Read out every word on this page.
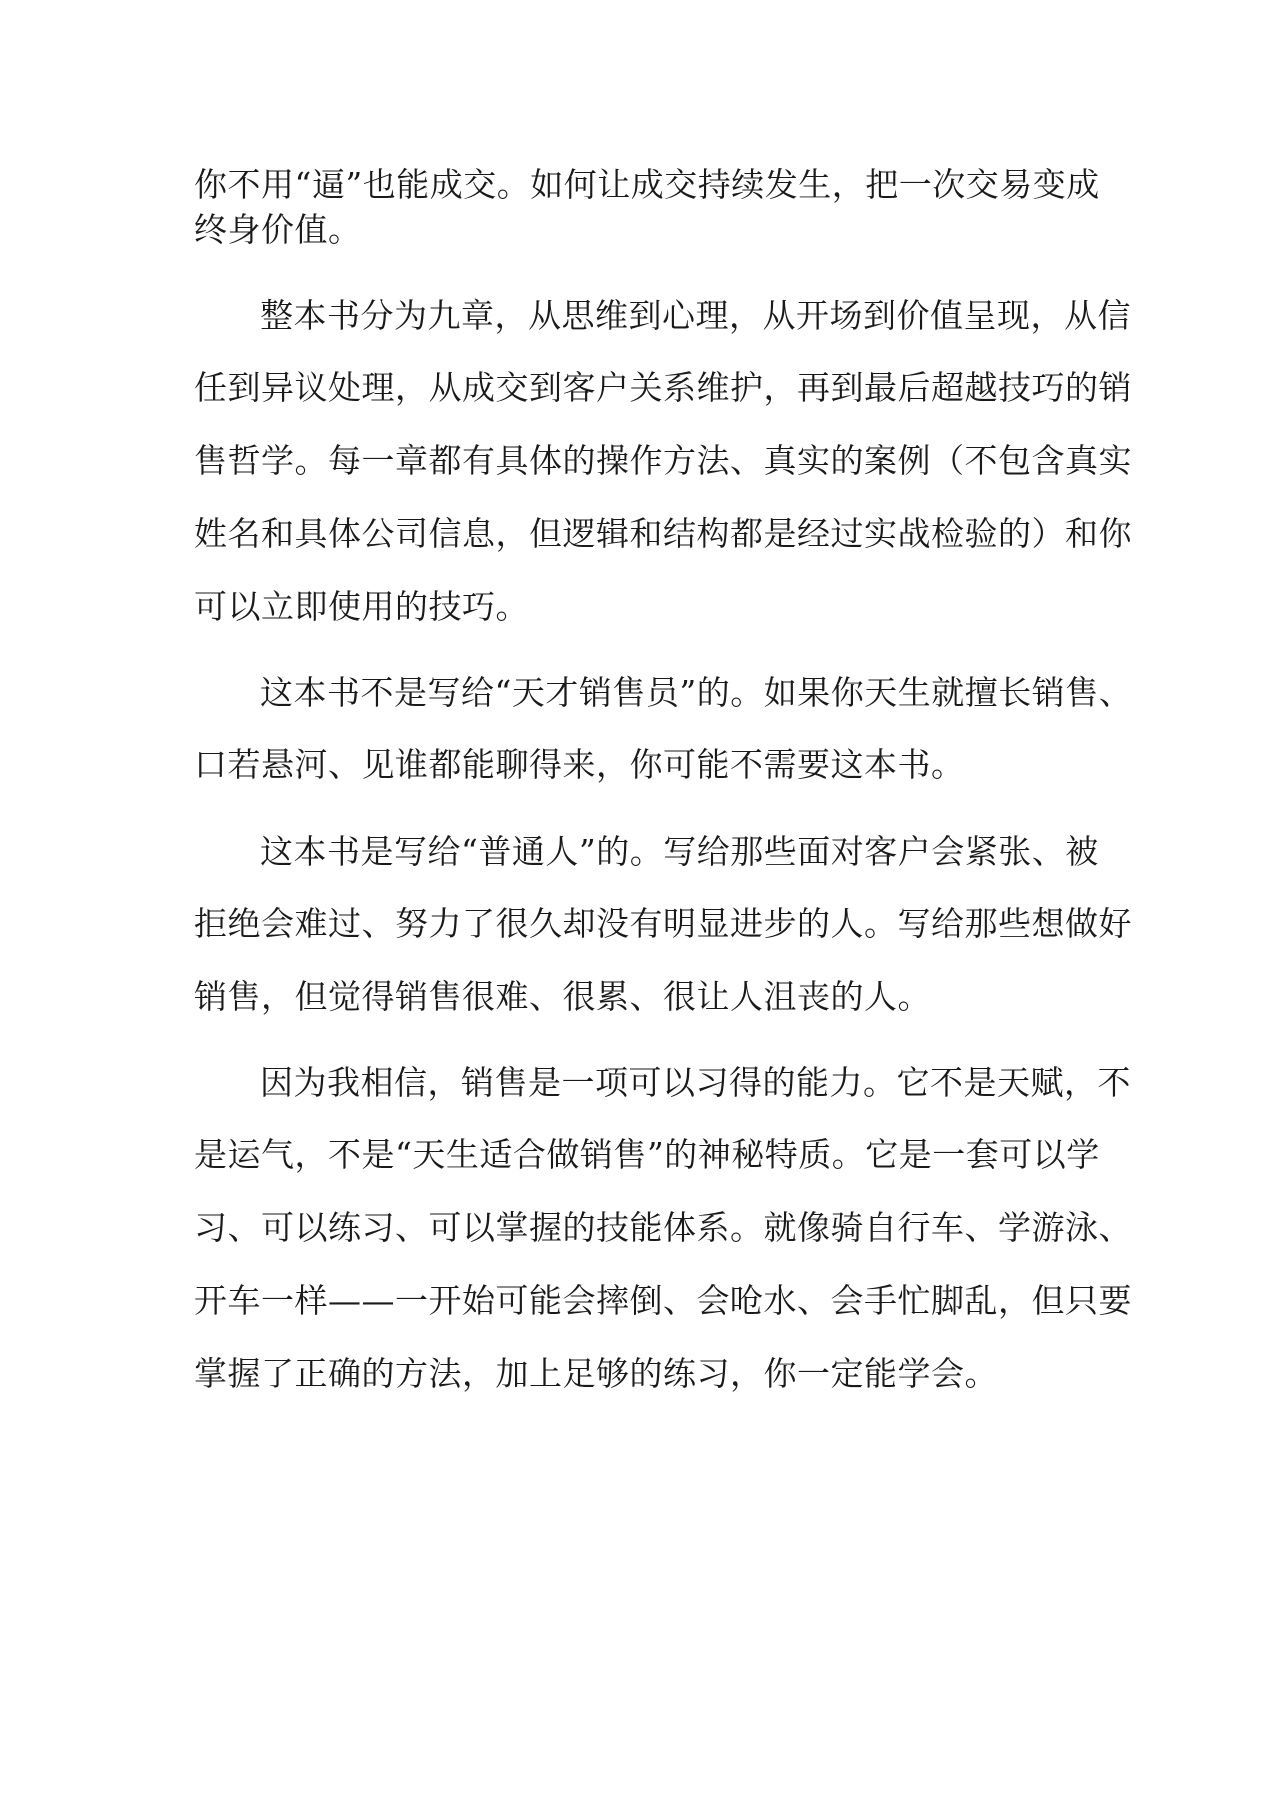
你不用“逼”也能成交。如何让成交持续发生，把一次交易变成
终身价值。
整本书分为九章，从思维到心理，从开场到价值呈现，从信
任到异议处理，从成交到客户关系维护，再到最后超越技巧的销
售哲学。每一章都有具体的操作方法、真实的案例（不包含真实
姓名和具体公司信息，但逻辑和结构都是经过实战检验的）和你
可以立即使用的技巧。
这本书不是写给“天才销售员”的。如果你天生就擅长销售、
口若悬河、见谁都能聊得来，你可能不需要这本书。
这本书是写给“普通人”的。写给那些面对客户会紧张、被
拒绝会难过、努力了很久却没有明显进步的人。写给那些想做好
销售，但觉得销售很难、很累、很让人沮丧的人。
因为我相信，销售是一项可以习得的能力。它不是天赋，不
是运气，不是“天生适合做销售”的神秘特质。它是一套可以学
习、可以练习、可以掌握的技能体系。就像骑自行车、学游泳、
开车一样——一开始可能会摔倒、会呛水、会手忙脚乱，但只要
掌握了正确的方法，加上足够的练习，你一定能学会。
